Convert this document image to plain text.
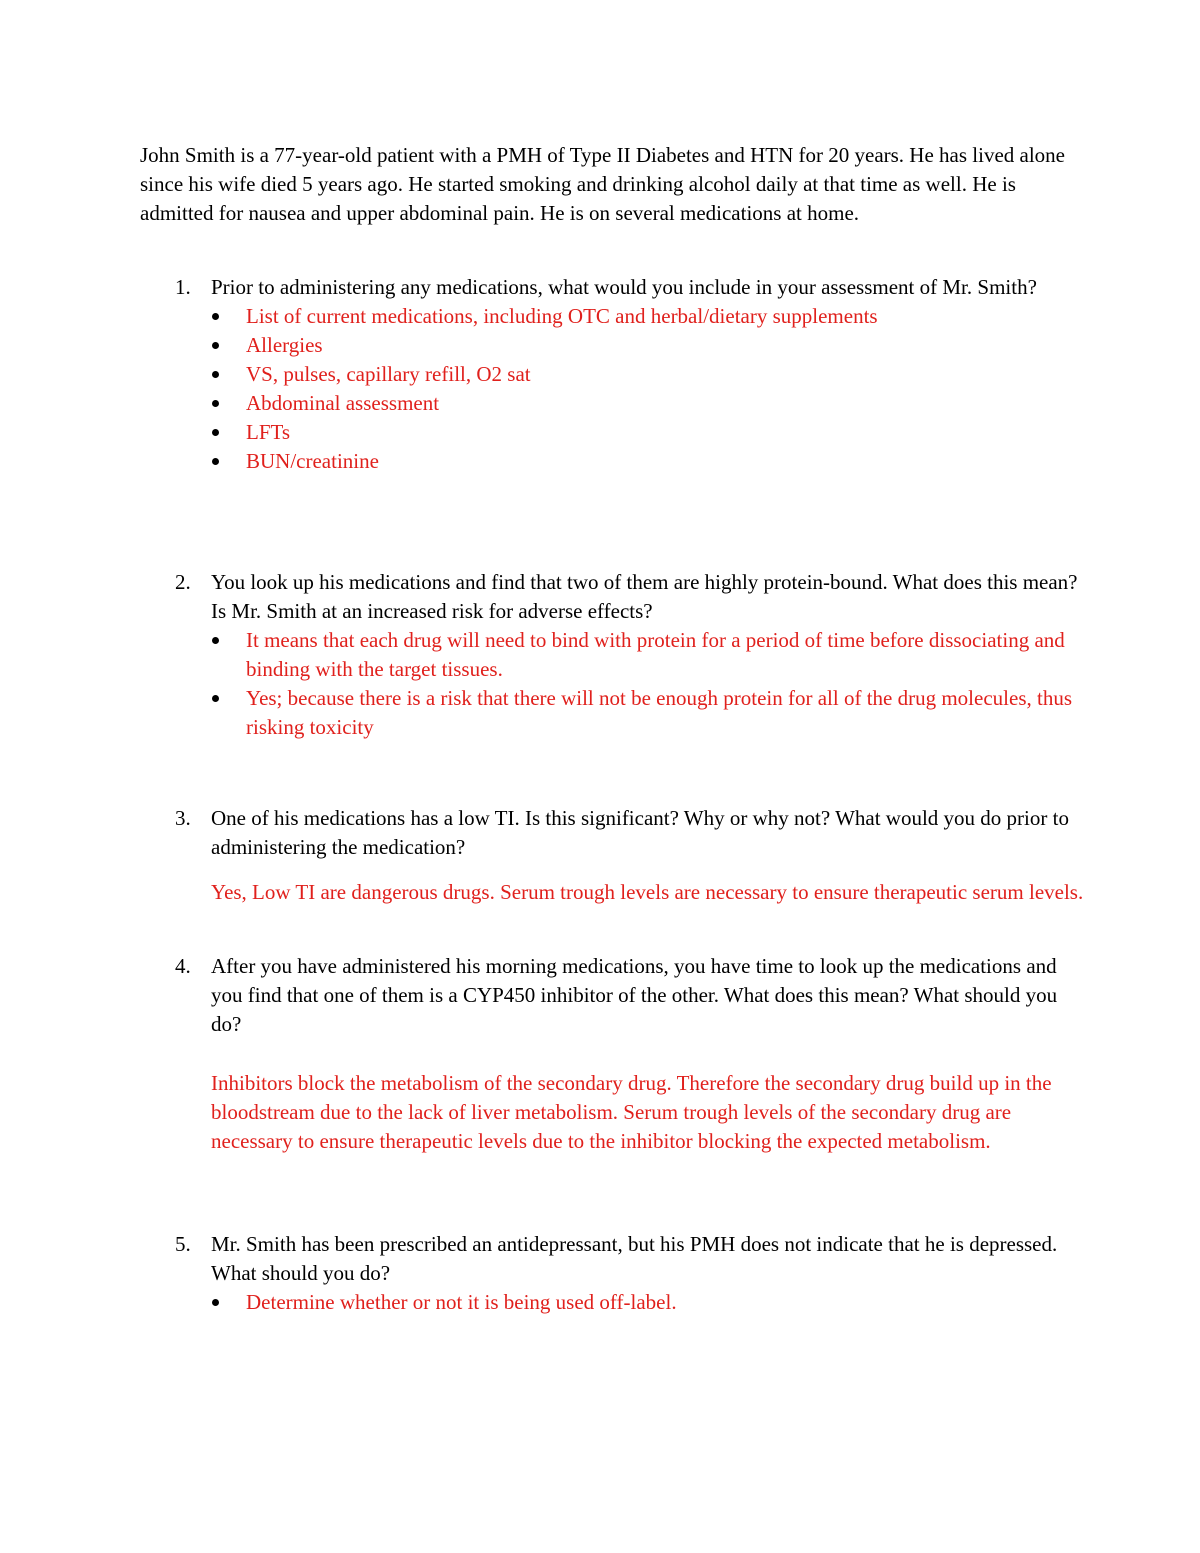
John Smith is a 77-year-old patient with a PMH of Type II Diabetes and HTN for 20 years. He has lived alone since his wife died 5 years ago. He started smoking and drinking alcohol daily at that time as well. He is admitted for nausea and upper abdominal pain. He is on several medications at home.

1. Prior to administering any medications, what would you include in your assessment of Mr. Smith?

List of current medications, including OTC and herbal/dietary supplements
Allergies
VS, pulses, capillary refill, O2 sat
Abdominal assessment
LFTs
BUN/creatinine

2. You look up his medications and find that two of them are highly protein-bound. What does this mean? Is Mr. Smith at an increased risk for adverse effects?

It means that each drug will need to bind with protein for a period of time before dissociating and binding with the target tissues.
Yes; because there is a risk that there will not be enough protein for all of the drug molecules, thus risking toxicity

3. One of his medications has a low TI. Is this significant? Why or why not? What would you do prior to administering the medication?

Yes, Low TI are dangerous drugs. Serum trough levels are necessary to ensure therapeutic serum levels.

4. After you have administered his morning medications, you have time to look up the medications and you find that one of them is a CYP450 inhibitor of the other. What does this mean? What should you do?

Inhibitors block the metabolism of the secondary drug. Therefore the secondary drug build up in the bloodstream due to the lack of liver metabolism. Serum trough levels of the secondary drug are necessary to ensure therapeutic levels due to the inhibitor blocking the expected metabolism.

5. Mr. Smith has been prescribed an antidepressant, but his PMH does not indicate that he is depressed. What should you do?

Determine whether or not it is being used off-label.
